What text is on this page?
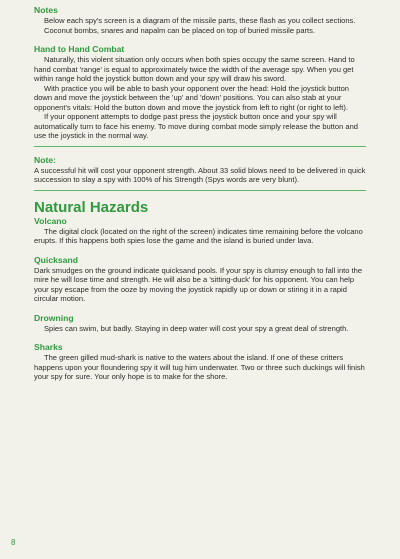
Notes

Below each spy's screen is a diagram of the missile parts, these flash as you collect sections.

Coconut bombs, snares and napalm can be placed on top of buried missile parts.

Hand to Hand Combat

Naturally, this violent situation only occurs when both spies occupy the same screen. Hand to hand combat 'range' is equal to approximately twice the width of the average spy. When you get within range hold the joystick button down and your spy will draw his sword.

With practice you will be able to bash your opponent over the head: Hold the joystick button down and move the joystick between the 'up' and 'down' positions. You can also stab at your opponent's vitals: Hold the button down and move the joystick from left to right (or right to left).

If your opponent attempts to dodge past press the joystick button once and your spy will automatically turn to face his enemy. To move during combat mode simply release the button and use the joystick in the normal way.

Note:

A successful hit will cost your opponent strength. About 33 solid blows need to be delivered in quick succession to slay a spy with 100% of his Strength (Spys words are very blunt).

Natural Hazards
Volcano

The digital clock (located on the right of the screen) indicates time remaining before the volcano erupts. If this happens both spies lose the game and the island is buried under lava.

Quicksand

Dark smudges on the ground indicate quicksand pools. If your spy is clumsy enough to fall into the mire he will lose time and strength. He will also be a 'sitting-duck' for his opponent. You can help your spy escape from the ooze by moving the joystick rapidly up or down or stiring it in a rapid circular motion.

Drowning

Spies can swim, but badly. Staying in deep water will cost your spy a great deal of strength.

Sharks

The green gilled mud-shark is native to the waters about the island. If one of these critters happens upon your floundering spy it will tug him underwater. Two or three such duckings will finish your spy for sure. Your only hope is to make for the shore.

8
